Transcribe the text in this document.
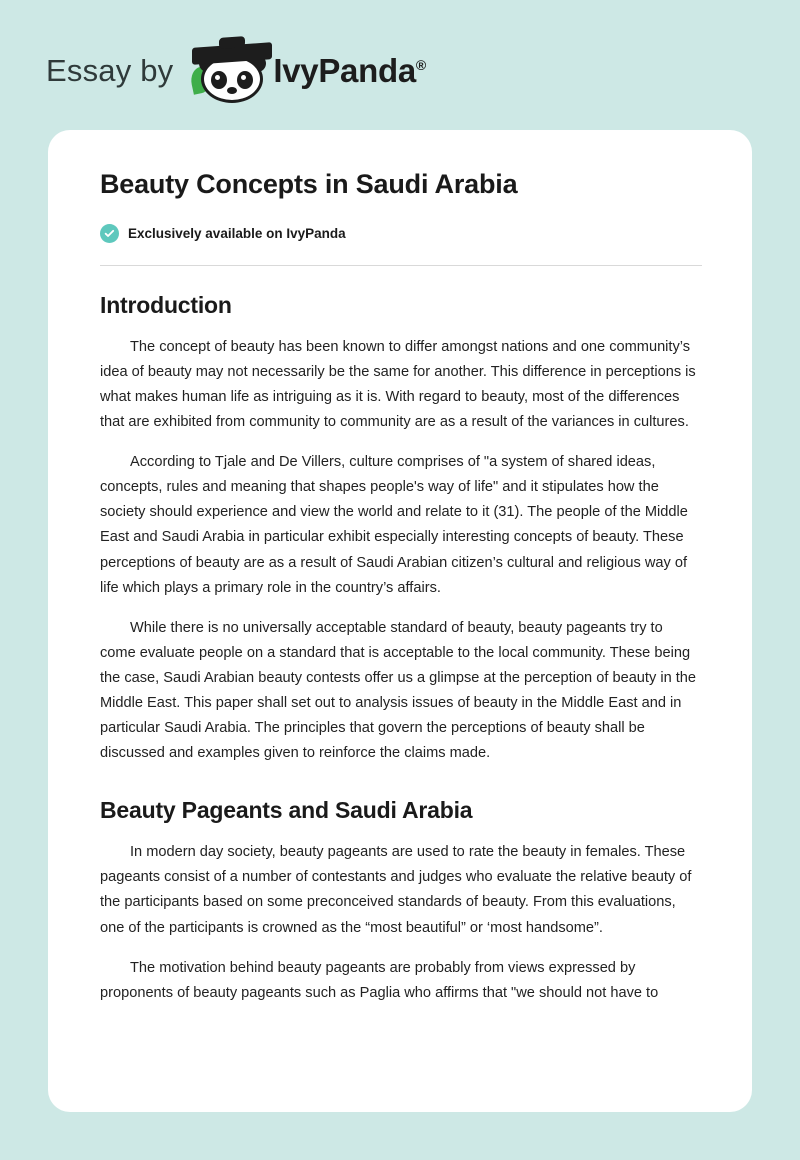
Essay by	IvyPanda®
Beauty Concepts in Saudi Arabia
Exclusively available on IvyPanda
Introduction

The concept of beauty has been known to differ amongst nations and one community’s idea of beauty may not necessarily be the same for another. This difference in perceptions is what makes human life as intriguing as it is. With regard to beauty, most of the differences that are exhibited from community to community are as a result of the variances in cultures.

According to Tjale and De Villers, culture comprises of "a system of shared ideas, concepts, rules and meaning that shapes people's way of life" and it stipulates how the society should experience and view the world and relate to it (31). The people of the Middle East and Saudi Arabia in particular exhibit especially interesting concepts of beauty. These perceptions of beauty are as a result of Saudi Arabian citizen’s cultural and religious way of life which plays a primary role in the country’s affairs.

While there is no universally acceptable standard of beauty, beauty pageants try to come evaluate people on a standard that is acceptable to the local community. These being the case, Saudi Arabian beauty contests offer us a glimpse at the perception of beauty in the Middle East. This paper shall set out to analysis issues of beauty in the Middle East and in particular Saudi Arabia. The principles that govern the perceptions of beauty shall be discussed and examples given to reinforce the claims made.

Beauty Pageants and Saudi Arabia

In modern day society, beauty pageants are used to rate the beauty in females. These pageants consist of a number of contestants and judges who evaluate the relative beauty of the participants based on some preconceived standards of beauty. From this evaluations, one of the participants is crowned as the “most beautiful” or ‘most handsome”.

The motivation behind beauty pageants are probably from views expressed by proponents of beauty pageants such as Paglia who affirms that "we should not have to
